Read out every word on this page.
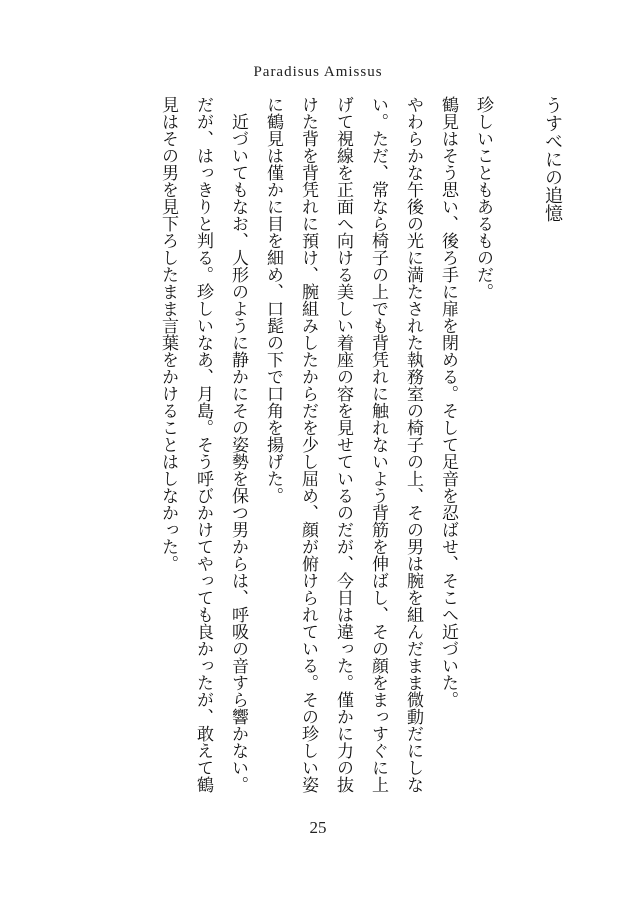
Paradisus Amissus

うすべにの追憶

珍しいこともあるものだ。

鶴見はそう思い、後ろ手に扉を閉める。そして足音を忍ばせ、そこへ近づいた。

やわらかな午後の光に満たされた執務室の椅子の上、その男は腕を組んだまま微動だにしない。ただ、常なら椅子の上でも背凭れに触れないよう背筋を伸ばし、その顔をまっすぐに上げて視線を正面へ向ける美しい着座の容を見せているのだが、今日は違った。僅かに力の抜けた背を背凭れに預け、腕組みしたからだを少し屈め、顔が俯けられている。その珍しい姿に鶴見は僅かに目を細め、口髭の下で口角を揚げた。

近づいてもなお、人形のように静かにその姿勢を保つ男からは、呼吸の音すら響かない。だが、はっきりと判る。珍しいなあ、月島。そう呼びかけてやっても良かったが、敢えて鶴見はその男を見下ろしたまま言葉をかけることはしなかった。

25
